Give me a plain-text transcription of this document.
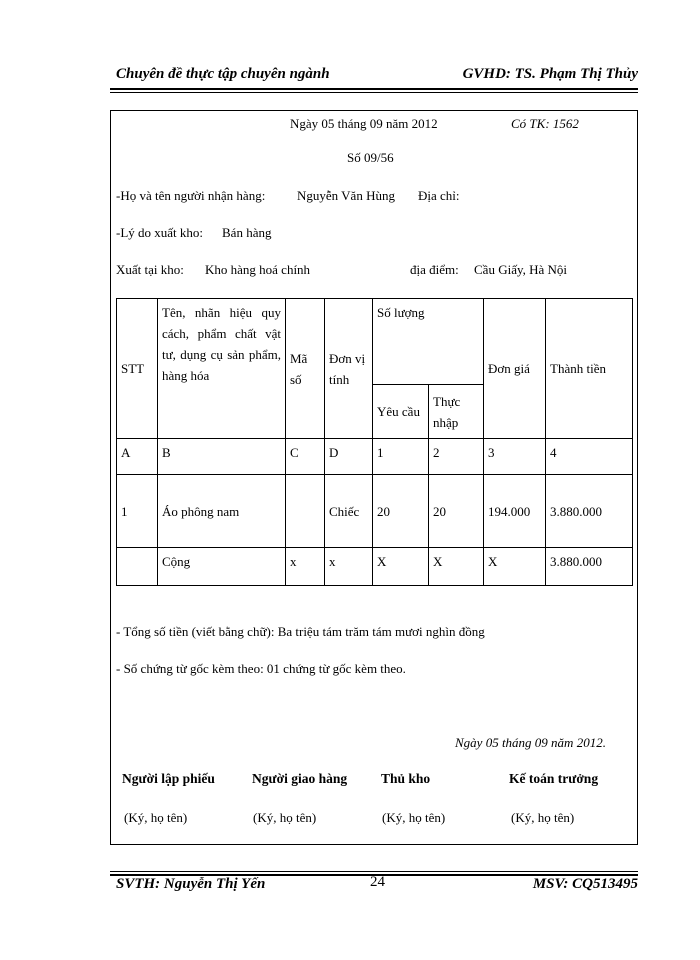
Chuyên đề thực tập chuyên ngành	GVHD: TS. Phạm Thị Thủy
Ngày 05 tháng 09 năm 2012	Có TK: 1562
Số 09/56
-Họ và tên người nhận hàng: Nguyễn Văn Hùng Địa chỉ:
-Lý do xuất kho: Bán hàng
Xuất tại kho: Kho hàng hoá chính	địa điểm: Cầu Giấy, Hà Nội
STT	Tên, nhãn hiệu quy cách, phẩm chất vật tư, dụng cụ sản phẩm, hàng hóa	Mã số	Đơn vị tính	Số lượng		Đơn giá	Thành tiền
				Yêu cầu	Thực nhập		
A	B	C	D	1	2	3	4
1	Áo phông nam		Chiếc	20	20	194.000	3.880.000
	Cộng	x	x	X	X	X	3.880.000
- Tổng số tiền (viết bằng chữ): Ba triệu tám trăm tám mươi nghìn đồng
- Số chứng từ gốc kèm theo: 01 chứng từ gốc kèm theo.
Ngày 05 tháng 09 năm 2012.
Người lập phiếu	Người giao hàng	Thủ kho	Kế toán trưởng
(Ký, họ tên)	(Ký, họ tên)	(Ký, họ tên)	(Ký, họ tên)
SVTH: Nguyễn Thị Yến	24	MSV: CQ513495
